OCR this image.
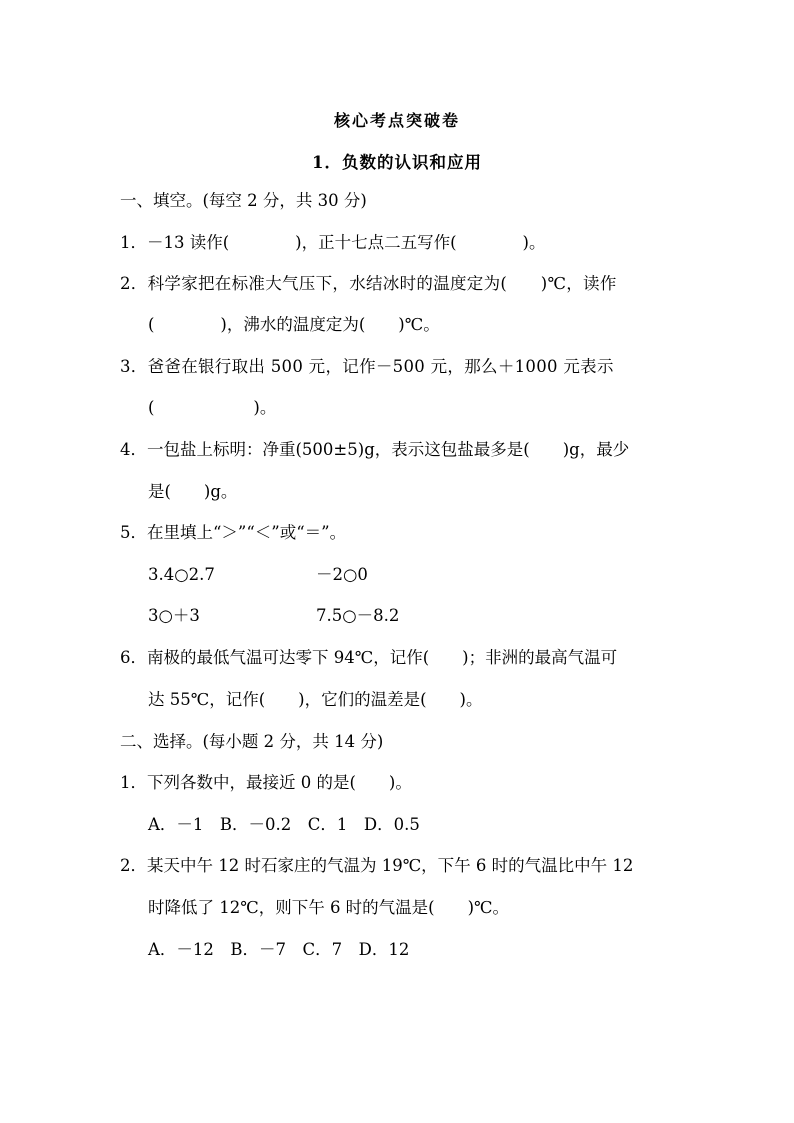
核心考点突破卷
1．负数的认识和应用
一、填空。(每空 2 分，共 30 分)
1．－13 读作(　　　　)，正十七点二五写作(　　　　)。
2．科学家把在标准大气压下，水结冰时的温度定为(　　)℃，读作
(　　　　)，沸水的温度定为(　　)℃。
3．爸爸在银行取出 500 元，记作－500 元，那么＋1000 元表示
(　　　　　　)。
4．一包盐上标明：净重(500±5)g，表示这包盐最多是(　　)g，最少
是(　　)g。
5．在里填上“＞”“＜”或“＝”。
3.4○2.7	－2○0
3○＋3	7.5○－8.2
6．南极的最低气温可达零下 94℃，记作(　　)；非洲的最高气温可
达 55℃，记作(　　)，它们的温差是(　　)。
二、选择。(每小题 2 分，共 14 分)
1．下列各数中，最接近 0 的是(　　)。
A．－1　B．－0.2　C．1　D．0.5
2．某天中午 12 时石家庄的气温为 19℃，下午 6 时的气温比中午 12
时降低了 12℃，则下午 6 时的气温是(　　)℃。
A．－12　B．－7　C．7　D．12
